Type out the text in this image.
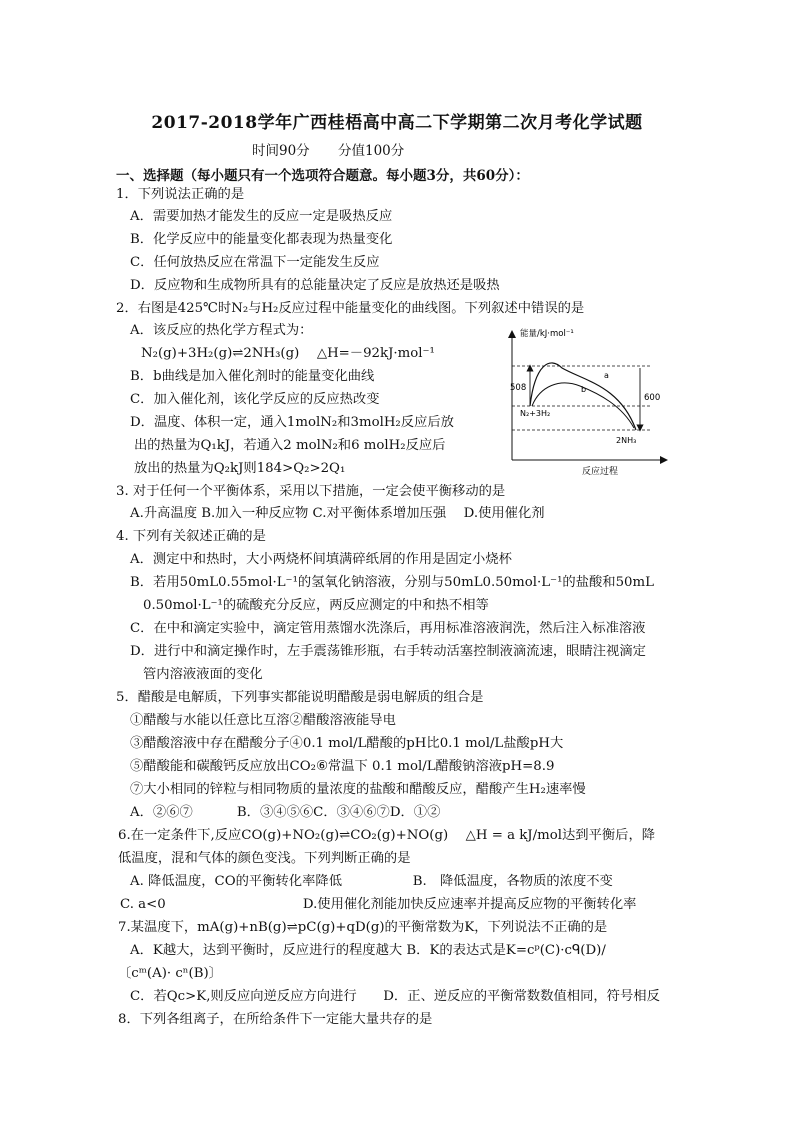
2017-2018学年广西桂梧高中高二下学期第二次月考化学试题
时间90分 分值100分
一、选择题（每小题只有一个选项符合题意。每小题3分，共60分）：
1．下列说法正确的是
A．需要加热才能发生的反应一定是吸热反应
B．化学反应中的能量变化都表现为热量变化
C．任何放热反应在常温下一定能发生反应
D．反应物和生成物所具有的总能量决定了反应是放热还是吸热
2．右图是425℃时N₂与H₂反应过程中能量变化的曲线图。下列叙述中错误的是
A．该反应的热化学方程式为：
N₂(g)+3H₂(g)⇌2NH₃(g)　 △H=－92kJ·mol⁻¹
B．b曲线是加入催化剂时的能量变化曲线
C．加入催化剂，该化学反应的反应热改变
D．温度、体积一定，通入1molN₂和3molH₂反应后放
出的热量为Q₁kJ，若通入2 molN₂和6 molH₂反应后
放出的热量为Q₂kJ则184>Q₂>2Q₁
能量/kJ·mol⁻¹
反应过程
508
600
N₂+3H₂
2NH₃
a
b
3. 对于任何一个平衡体系，采用以下措施，一定会使平衡移动的是
A.升高温度 B.加入一种反应物 C.对平衡体系增加压强　 D.使用催化剂
4. 下列有关叙述正确的是
A．测定中和热时，大小两烧杯间填满碎纸屑的作用是固定小烧杯
B．若用50mL0.55mol·L⁻¹的氢氧化钠溶液，分别与50mL0.50mol·L⁻¹的盐酸和50mL
0.50mol·L⁻¹的硫酸充分反应，两反应测定的中和热不相等
C．在中和滴定实验中，滴定管用蒸馏水洗涤后，再用标准溶液润洗，然后注入标准溶液
D．进行中和滴定操作时，左手震荡锥形瓶，右手转动活塞控制液滴流速，眼睛注视滴定
管内溶液液面的变化
5．醋酸是电解质，下列事实都能说明醋酸是弱电解质的组合是
①醋酸与水能以任意比互溶②醋酸溶液能导电
③醋酸溶液中存在醋酸分子④0.1 mol/L醋酸的pH比0.1 mol/L盐酸pH大
⑤醋酸能和碳酸钙反应放出CO₂⑥常温下 0.1 mol/L醋酸钠溶液pH=8.9
⑦大小相同的锌粒与相同物质的量浓度的盐酸和醋酸反应，醋酸产生H₂速率慢
A．②⑥⑦　　　 B．③④⑤⑥C．③④⑥⑦D．①②
6.在一定条件下,反应CO(g)+NO₂(g)⇌CO₂(g)+NO(g)　 △H = a kJ/mol达到平衡后，降
低温度，混和气体的颜色变浅。下列判断正确的是
A. 降低温度，CO的平衡转化率降低　　　　　 B.　降低温度，各物质的浓度不变
C. a<0　　　　　　　　　　 D.使用催化剂能加快反应速率并提高反应物的平衡转化率
7.某温度下，mA(g)+nB(g)⇌pC(g)+qD(g)的平衡常数为K，下列说法不正确的是
A．K越大，达到平衡时，反应进行的程度越大 B．K的表达式是K=cᵖ(C)·cᑫ(D)/
〔cᵐ(A)· cⁿ(B)〕
C．若Qc>K,则反应向逆反应方向进行　　D．正、逆反应的平衡常数数值相同，符号相反
8．下列各组离子，在所给条件下一定能大量共存的是
